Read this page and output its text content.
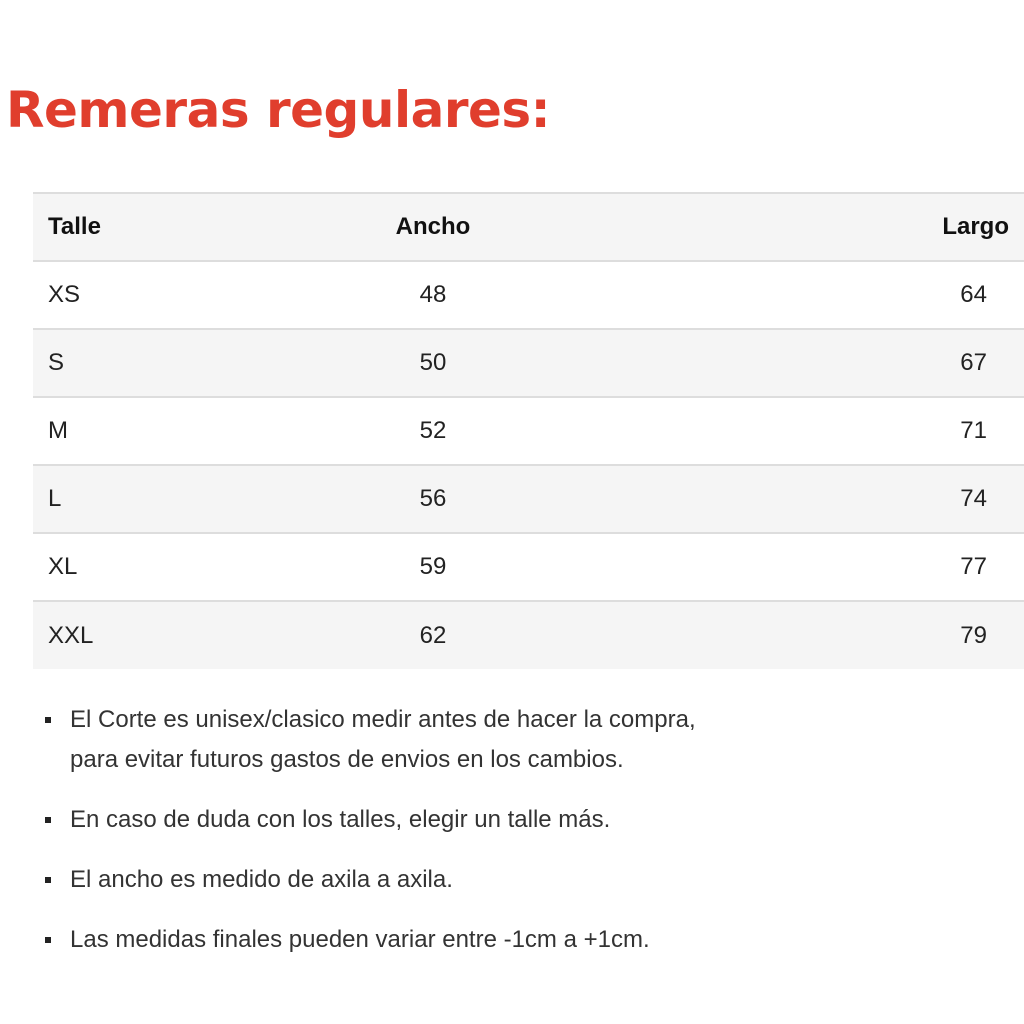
Remeras regulares:
Talle	Ancho	Largo
XS	48	64
S	50	67
M	52	71
L	56	74
XL	59	77
XXL	62	79
El Corte es unisex/clasico medir antes de hacer la compra,
para evitar futuros gastos de envios en los cambios.
En caso de duda con los talles, elegir un talle más.
El ancho es medido de axila a axila.
Las medidas finales pueden variar entre -1cm a +1cm.
